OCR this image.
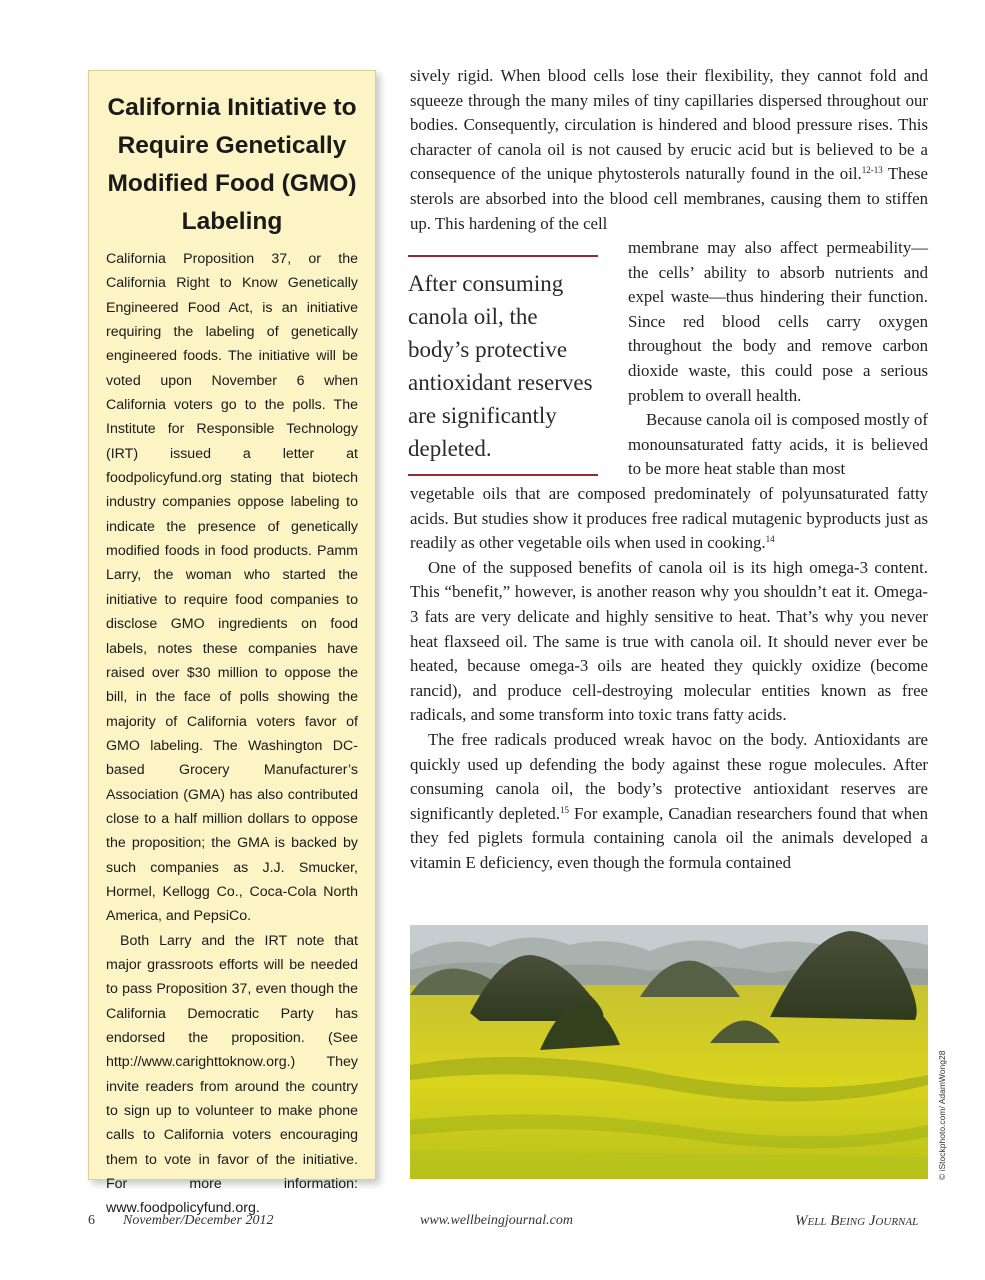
California Initiative to Require Genetically Modified Food (GMO) Labeling

California Proposition 37, or the California Right to Know Genetically Engineered Food Act, is an initiative requiring the labeling of genetically engineered foods. The initiative will be voted upon November 6 when California voters go to the polls. The Institute for Responsible Technology (IRT) issued a letter at foodpolicyfund.org stating that biotech industry companies oppose labeling to indicate the presence of genetically modified foods in food products. Pamm Larry, the woman who started the initiative to require food companies to disclose GMO ingredients on food labels, notes these companies have raised over $30 million to oppose the bill, in the face of polls showing the majority of California voters favor of GMO labeling. The Washington DC-based Grocery Manufacturer’s Association (GMA) has also contributed close to a half million dollars to oppose the proposition; the GMA is backed by such companies as J.J. Smucker, Hormel, Kellogg Co., Coca-Cola North America, and PepsiCo.

Both Larry and the IRT note that major grassroots efforts will be needed to pass Proposition 37, even though the California Democratic Party has endorsed the proposition. (See http://www.carighttoknow.org.) They invite readers from around the country to sign up to volunteer to make phone calls to California voters encouraging them to vote in favor of the initiative. For more information: www.foodpolicyfund.org.

sively rigid. When blood cells lose their flexibility, they cannot fold and squeeze through the many miles of tiny capillaries dispersed throughout our bodies. Consequently, circulation is hindered and blood pressure rises. This character of canola oil is not caused by erucic acid but is believed to be a consequence of the unique phytosterols naturally found in the oil.$^{12-13}$ These sterols are absorbed into the blood cell membranes, causing them to stiffen up. This hardening of the cell

After consuming canola oil, the body’s protective antioxidant reserves are significantly depleted.

membrane may also affect permeability—the cells’ ability to absorb nutrients and expel waste—thus hindering their function. Since red blood cells carry oxygen throughout the body and remove carbon dioxide waste, this could pose a serious problem to overall health.

Because canola oil is composed mostly of monounsaturated fatty acids, it is believed to be more heat stable than most

vegetable oils that are composed predominately of polyunsaturated fatty acids. But studies show it produces free radical mutagenic byproducts just as readily as other vegetable oils when used in cooking.$^{14}$

One of the supposed benefits of canola oil is its high omega-3 content. This “benefit,” however, is another reason why you shouldn’t eat it. Omega-3 fats are very delicate and highly sensitive to heat. That’s why you never heat flaxseed oil. The same is true with canola oil. It should never ever be heated, because omega-3 oils are heated they quickly oxidize (become rancid), and produce cell-destroying molecular entities known as free radicals, and some transform into toxic trans fatty acids.

The free radicals produced wreak havoc on the body. Antioxidants are quickly used up defending the body against these rogue molecules. After consuming canola oil, the body’s protective antioxidant reserves are significantly depleted.$^{15}$ For example, Canadian researchers found that when they fed piglets formula containing canola oil the animals developed a vitamin E deficiency, even though the formula contained

© iStockphoto.com/ AdamWong28
6 November/December 2012	www.wellbeingjournal.com	Well Being Journal
